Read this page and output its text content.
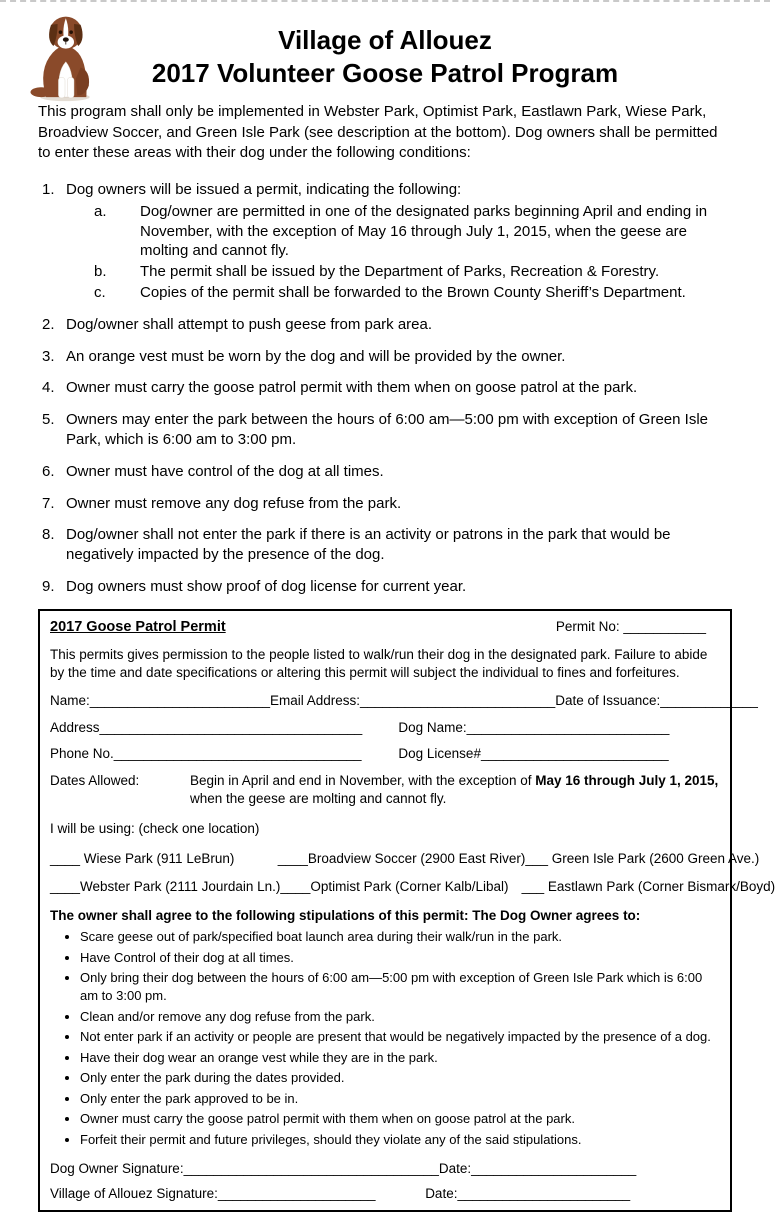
Village of Allouez
2017 Volunteer Goose Patrol Program

This program shall only be implemented in Webster Park, Optimist Park, Eastlawn Park, Wiese Park, Broadview Soccer, and Green Isle Park (see description at the bottom). Dog owners shall be permitted to enter these areas with their dog under the following conditions:

1. Dog owners will be issued a permit, indicating the following:
a.	Dog/owner are permitted in one of the designated parks beginning April and ending in November, with the exception of May 16 through July 1, 2015, when the geese are molting and cannot fly.
b.	The permit shall be issued by the Department of Parks, Recreation & Forestry.
c.	Copies of the permit shall be forwarded to the Brown County Sheriff’s Department.
2. Dog/owner shall attempt to push geese from park area.
3. An orange vest must be worn by the dog and will be provided by the owner.
4. Owner must carry the goose patrol permit with them when on goose patrol at the park.
5. Owners may enter the park between the hours of 6:00 am—5:00 pm with exception of Green Isle Park, which is 6:00 am to 3:00 pm.
6. Owner must have control of the dog at all times.
7. Owner must remove any dog refuse from the park.
8. Dog/owner shall not enter the park if there is an activity or patrons in the park that would be negatively impacted by the presence of the dog.
9. Dog owners must show proof of dog license for current year.
2017 Goose Patrol Permit	Permit No: ___________

This permits gives permission to the people listed to walk/run their dog in the designated park. Failure to abide by the time and date specifications or altering this permit will subject the individual to fines and forfeitures.

Name:________________________ Email Address:__________________________ Date of Issuance:_____________
Address___________________________________	Dog Name:___________________________
Phone No._________________________________	Dog License#_________________________
Dates Allowed:	Begin in April and end in November, with the exception of May 16 through July 1, 2015,
when the geese are molting and cannot fly.
I will be using: (check one location)
____ Wiese Park (911 LeBrun)	____Broadview Soccer (2900 East River) ___ Green Isle Park (2600 Green Ave.)
____Webster Park (2111 Jourdain Ln.) ____Optimist Park (Corner Kalb/Libal) ___ Eastlawn Park (Corner Bismark/Boyd)
The owner shall agree to the following stipulations of this permit: The Dog Owner agrees to:
• Scare geese out of park/specified boat launch area during their walk/run in the park.
• Have Control of their dog at all times.
• Only bring their dog between the hours of 6:00 am—5:00 pm with exception of Green Isle Park which is 6:00 am to 3:00 pm.
• Clean and/or remove any dog refuse from the park.
• Not enter park if an activity or people are present that would be negatively impacted by the presence of a dog.
• Have their dog wear an orange vest while they are in the park.
• Only enter the park during the dates provided.
• Only enter the park approved to be in.
• Owner must carry the goose patrol permit with them when on goose patrol at the park.
• Forfeit their permit and future privileges, should they violate any of the said stipulations.
Dog Owner Signature:__________________________________ Date:______________________
Village of Allouez Signature:_____________________	Date:_______________________
